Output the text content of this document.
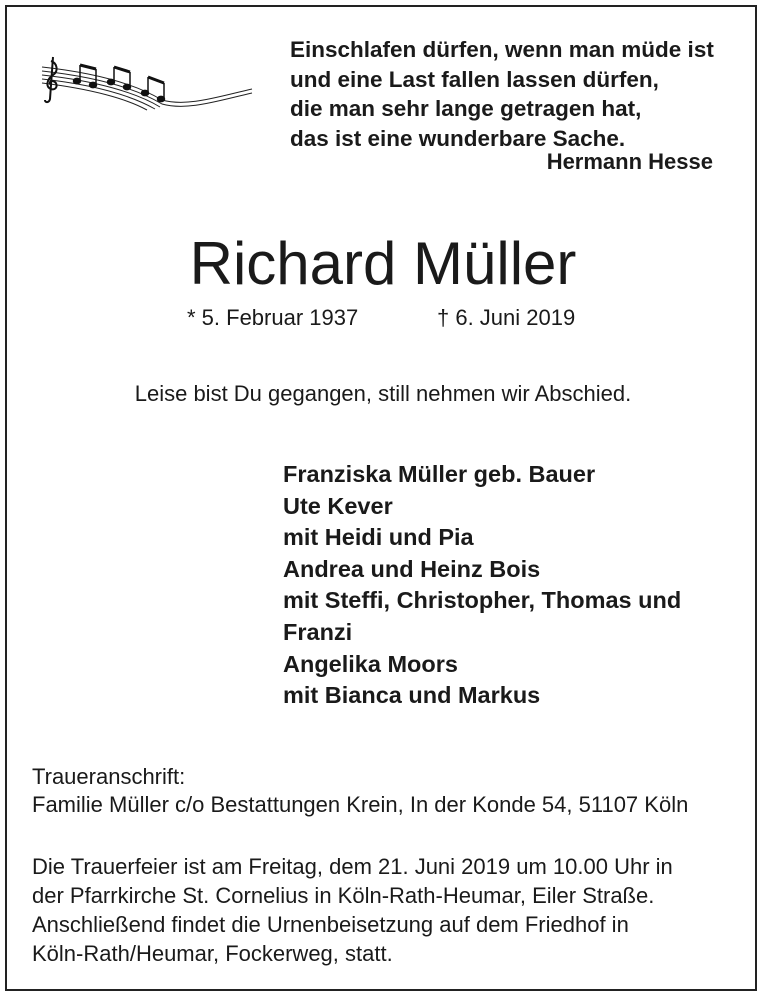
Einschlafen dürfen, wenn man müde ist
und eine Last fallen lassen dürfen,
die man sehr lange getragen hat,
das ist eine wunderbare Sache.
Hermann Hesse
Richard Müller
* 5. Februar 1937	† 6. Juni 2019
Leise bist Du gegangen, still nehmen wir Abschied.
Franziska Müller geb. Bauer
Ute Kever
mit Heidi und Pia
Andrea und Heinz Bois
mit Steffi, Christopher, Thomas und
Franzi
Angelika Moors
mit Bianca und Markus
Traueranschrift:
Familie Müller c/o Bestattungen Krein, In der Konde 54, 51107 Köln
Die Trauerfeier ist am Freitag, dem 21. Juni 2019 um 10.00 Uhr in
der Pfarrkirche St. Cornelius in Köln-Rath-Heumar, Eiler Straße.
Anschließend findet die Urnenbeisetzung auf dem Friedhof in
Köln-Rath/Heumar, Fockerweg, statt.
